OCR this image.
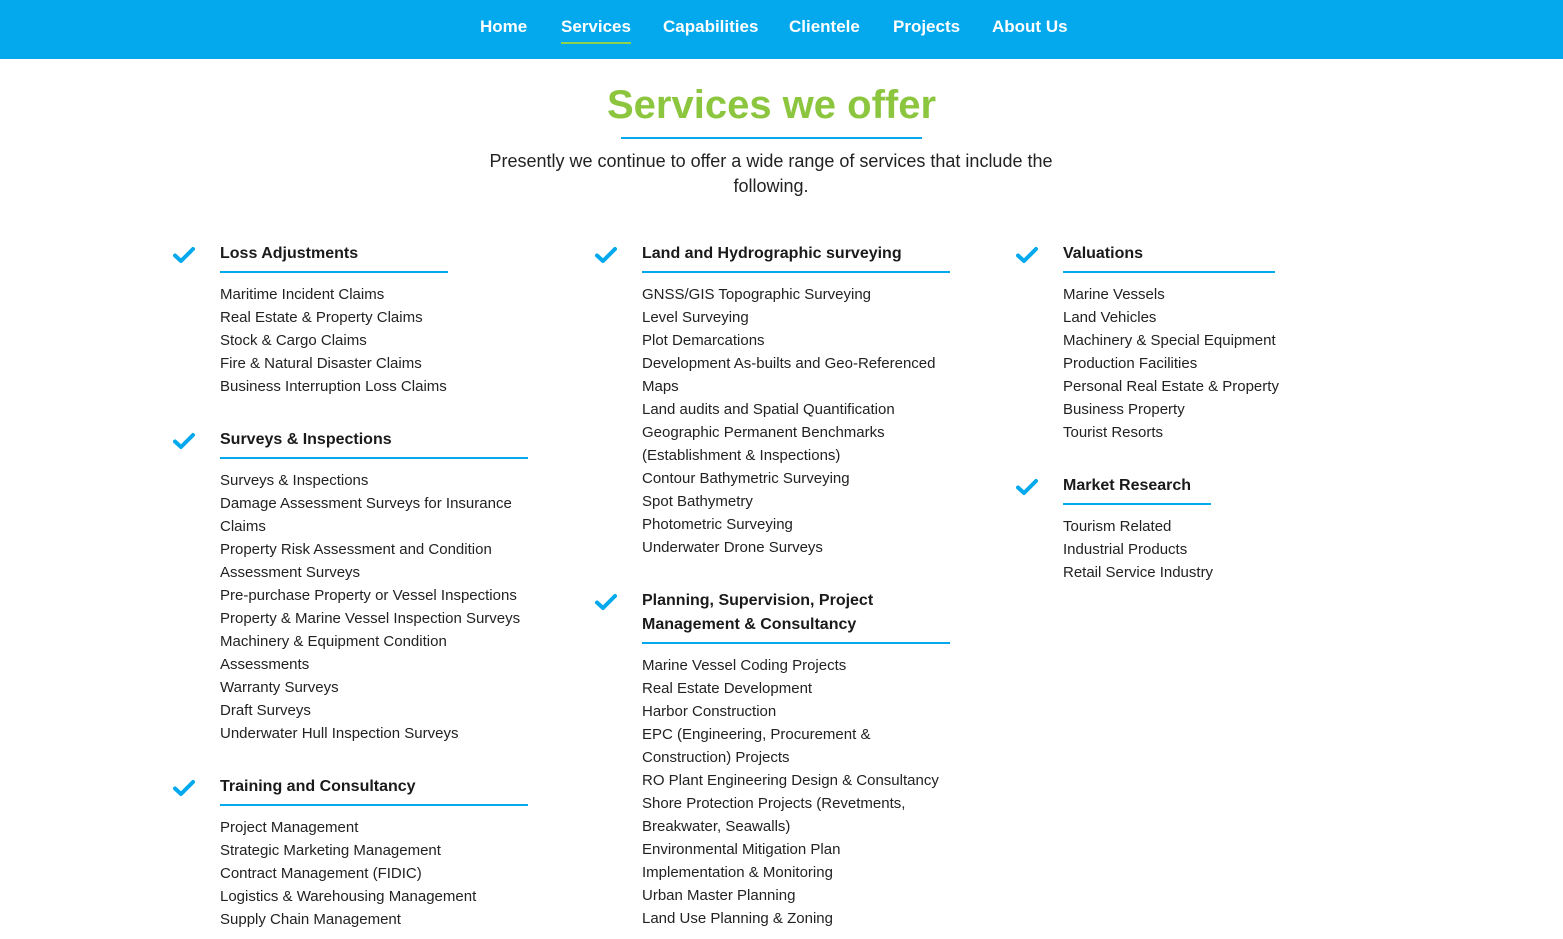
Home Services Capabilities Clientele Projects About Us
Services we offer

Presently we continue to offer a wide range of services that include the
following.

Loss Adjustments
Maritime Incident Claims
Real Estate & Property Claims
Stock & Cargo Claims
Fire & Natural Disaster Claims
Business Interruption Loss Claims
Surveys & Inspections
Surveys & Inspections
Damage Assessment Surveys for Insurance
Claims
Property Risk Assessment and Condition
Assessment Surveys
Pre-purchase Property or Vessel Inspections
Property & Marine Vessel Inspection Surveys
Machinery & Equipment Condition
Assessments
Warranty Surveys
Draft Surveys
Underwater Hull Inspection Surveys
Training and Consultancy
Project Management
Strategic Marketing Management
Contract Management (FIDIC)
Logistics & Warehousing Management
Supply Chain Management
Land and Hydrographic surveying
GNSS/GIS Topographic Surveying
Level Surveying
Plot Demarcations
Development As-builts and Geo-Referenced
Maps
Land audits and Spatial Quantification
Geographic Permanent Benchmarks
(Establishment & Inspections)
Contour Bathymetric Surveying
Spot Bathymetry
Photometric Surveying
Underwater Drone Surveys
Planning, Supervision, Project
Management & Consultancy
Marine Vessel Coding Projects
Real Estate Development
Harbor Construction
EPC (Engineering, Procurement &
Construction) Projects
RO Plant Engineering Design & Consultancy
Shore Protection Projects (Revetments,
Breakwater, Seawalls)
Environmental Mitigation Plan
Implementation & Monitoring
Urban Master Planning
Land Use Planning & Zoning
Valuations
Marine Vessels
Land Vehicles
Machinery & Special Equipment
Production Facilities
Personal Real Estate & Property
Business Property
Tourist Resorts
Market Research
Tourism Related
Industrial Products
Retail Service Industry
